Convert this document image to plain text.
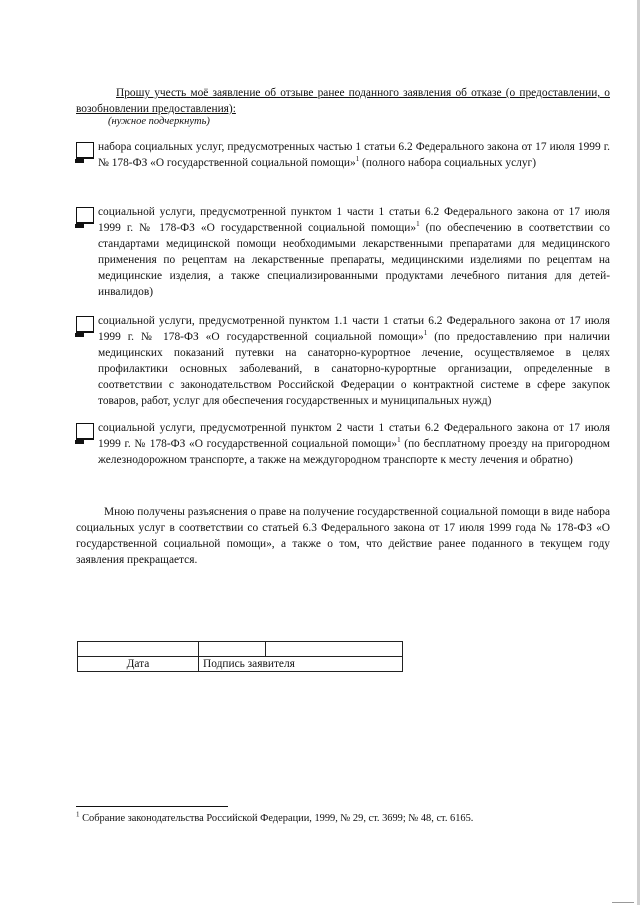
Прошу учесть моё заявление об отзыве ранее поданного заявления об отказе (о предоставлении, о возобновлении предоставления):
(нужное подчеркнуть)
набора социальных услуг, предусмотренных частью 1 статьи 6.2 Федерального закона от 17 июля 1999 г. № 178-ФЗ «О государственной социальной помощи»$^1$ (полного набора социальных услуг)
социальной услуги, предусмотренной пунктом 1 части 1 статьи 6.2 Федерального закона от 17 июля 1999 г. № 178-ФЗ «О государственной социальной помощи»$^1$ (по обеспечению в соответствии со стандартами медицинской помощи необходимыми лекарственными препаратами для медицинского применения по рецептам на лекарственные препараты, медицинскими изделиями по рецептам на медицинские изделия, а также специализированными продуктами лечебного питания для детей-инвалидов)
социальной услуги, предусмотренной пунктом 1.1 части 1 статьи 6.2 Федерального закона от 17 июля 1999 г. № 178-ФЗ «О государственной социальной помощи»$^1$ (по предоставлению при наличии медицинских показаний путевки на санаторно-курортное лечение, осуществляемое в целях профилактики основных заболеваний, в санаторно-курортные организации, определенные в соответствии с законодательством Российской Федерации о контрактной системе в сфере закупок товаров, работ, услуг для обеспечения государственных и муниципальных нужд)
социальной услуги, предусмотренной пунктом 2 части 1 статьи 6.2 Федерального закона от 17 июля 1999 г. № 178-ФЗ «О государственной социальной помощи»$^1$ (по бесплатному проезду на пригородном железнодорожном транспорте, а также на междугородном транспорте к месту лечения и обратно)
Мною получены разъяснения о праве на получение государственной социальной помощи в виде набора социальных услуг в соответствии со статьей 6.3 Федерального закона от 17 июля 1999 года № 178-ФЗ «О государственной социальной помощи», а также о том, что действие ранее поданного в текущем году заявления прекращается.

Дата	Подпись заявителя	
$^1$ Собрание законодательства Российской Федерации, 1999, № 29, ст. 3699; № 48, ст. 6165.
